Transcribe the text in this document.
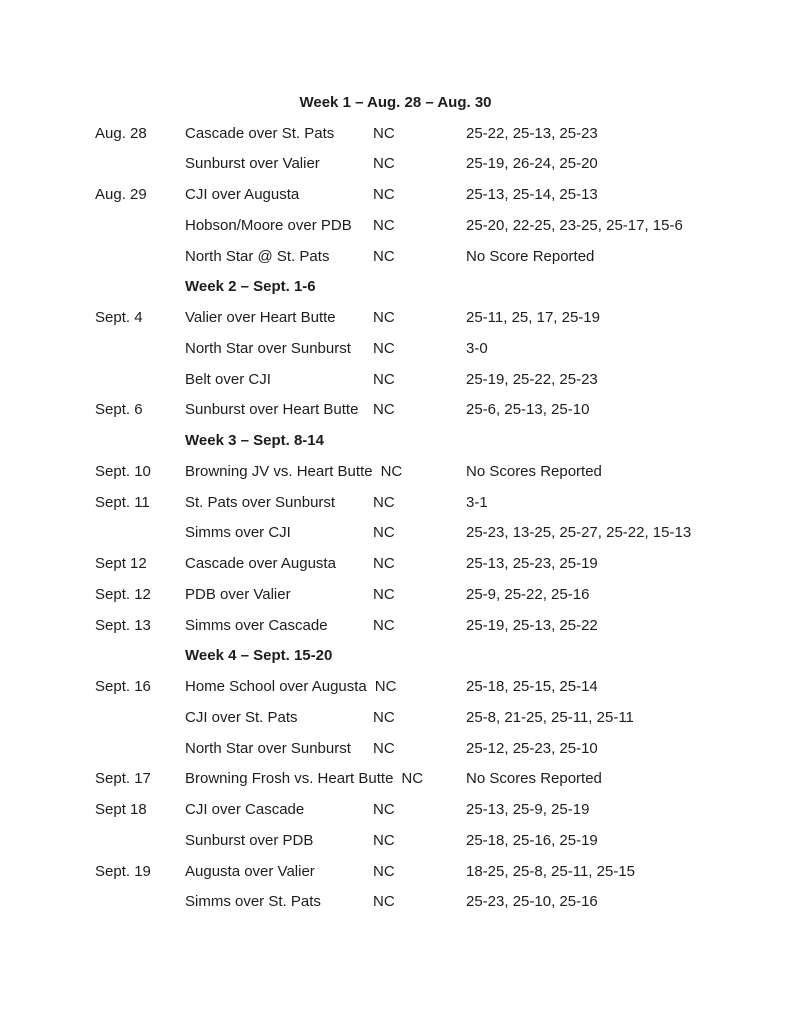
Week 1 – Aug. 28 – Aug. 30
Aug. 28	Cascade over St. Pats	NC	25-22, 25-13, 25-23
Sunburst over Valier	NC	25-19, 26-24, 25-20
Aug. 29	CJI over Augusta	NC	25-13, 25-14, 25-13
Hobson/Moore over PDB	NC	25-20, 22-25, 23-25, 25-17, 15-6
North Star @ St. Pats	NC	No Score Reported
Week 2 – Sept. 1-6
Sept. 4	Valier over Heart Butte	NC	25-11, 25, 17, 25-19
North Star over Sunburst	NC	3-0
Belt over CJI	NC	25-19, 25-22, 25-23
Sept. 6	Sunburst over Heart Butte NC	25-6, 25-13, 25-10
Week 3 – Sept. 8-14
Sept. 10	Browning JV vs. Heart Butte NC	No Scores Reported
Sept. 11	St. Pats over Sunburst	NC	3-1
Simms over CJI	NC	25-23, 13-25, 25-27, 25-22, 15-13
Sept 12	Cascade over Augusta	NC	25-13, 25-23, 25-19
Sept. 12	PDB over Valier	NC	25-9, 25-22, 25-16
Sept. 13	Simms over Cascade	NC	25-19, 25-13, 25-22
Week 4 – Sept. 15-20
Sept. 16	Home School over Augusta NC	25-18, 25-15, 25-14
CJI over St. Pats	NC	25-8, 21-25, 25-11, 25-11
North Star over Sunburst	NC	25-12, 25-23, 25-10
Sept. 17	Browning Frosh vs. Heart Butte NC	No Scores Reported
Sept 18	CJI over Cascade	NC	25-13, 25-9, 25-19
Sunburst over PDB	NC	25-18, 25-16, 25-19
Sept. 19	Augusta over Valier	NC	18-25, 25-8, 25-11, 25-15
Simms over St. Pats	NC	25-23, 25-10, 25-16
